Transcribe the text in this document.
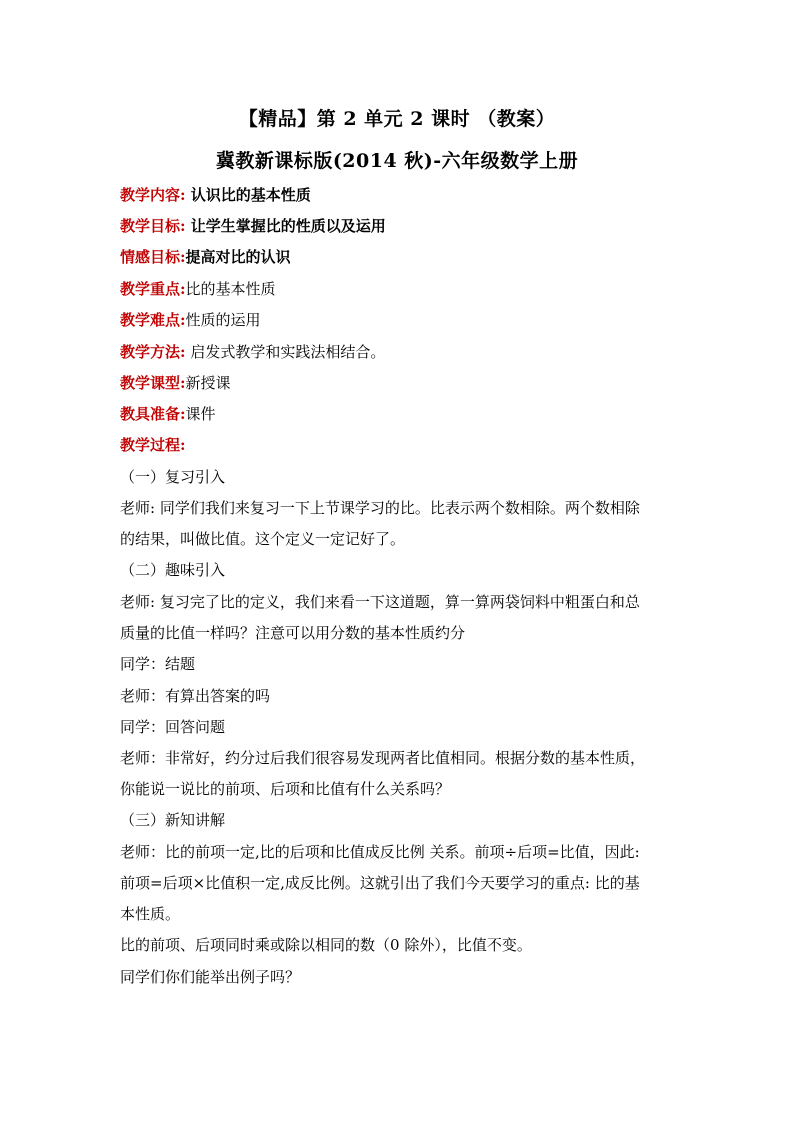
【精品】第 2 单元 2 课时 （教案）
冀教新课标版(2014 秋)-六年级数学上册
教学内容: 认识比的基本性质
教学目标: 让学生掌握比的性质以及运用
情感目标:提高对比的认识
教学重点:比的基本性质
教学难点:性质的运用
教学方法: 启发式教学和实践法相结合。
教学课型:新授课
教具准备:课件
教学过程:
（一）复习引入
老师: 同学们我们来复习一下上节课学习的比。比表示两个数相除。两个数相除
的结果，叫做比值。这个定义一定记好了。
（二）趣味引入
老师: 复习完了比的定义，我们来看一下这道题，算一算两袋饲料中粗蛋白和总
质量的比值一样吗？注意可以用分数的基本性质约分
同学：结题
老师：有算出答案的吗
同学：回答问题
老师：非常好，约分过后我们很容易发现两者比值相同。根据分数的基本性质，
你能说一说比的前项、后项和比值有什么关系吗？
（三）新知讲解
老师：比的前项一定,比的后项和比值成反比例 关系。前项÷后项=比值，因此:
前项=后项×比值积一定,成反比例。这就引出了我们今天要学习的重点: 比的基
本性质。
比的前项、后项同时乘或除以相同的数（0 除外），比值不变。
同学们你们能举出例子吗？
